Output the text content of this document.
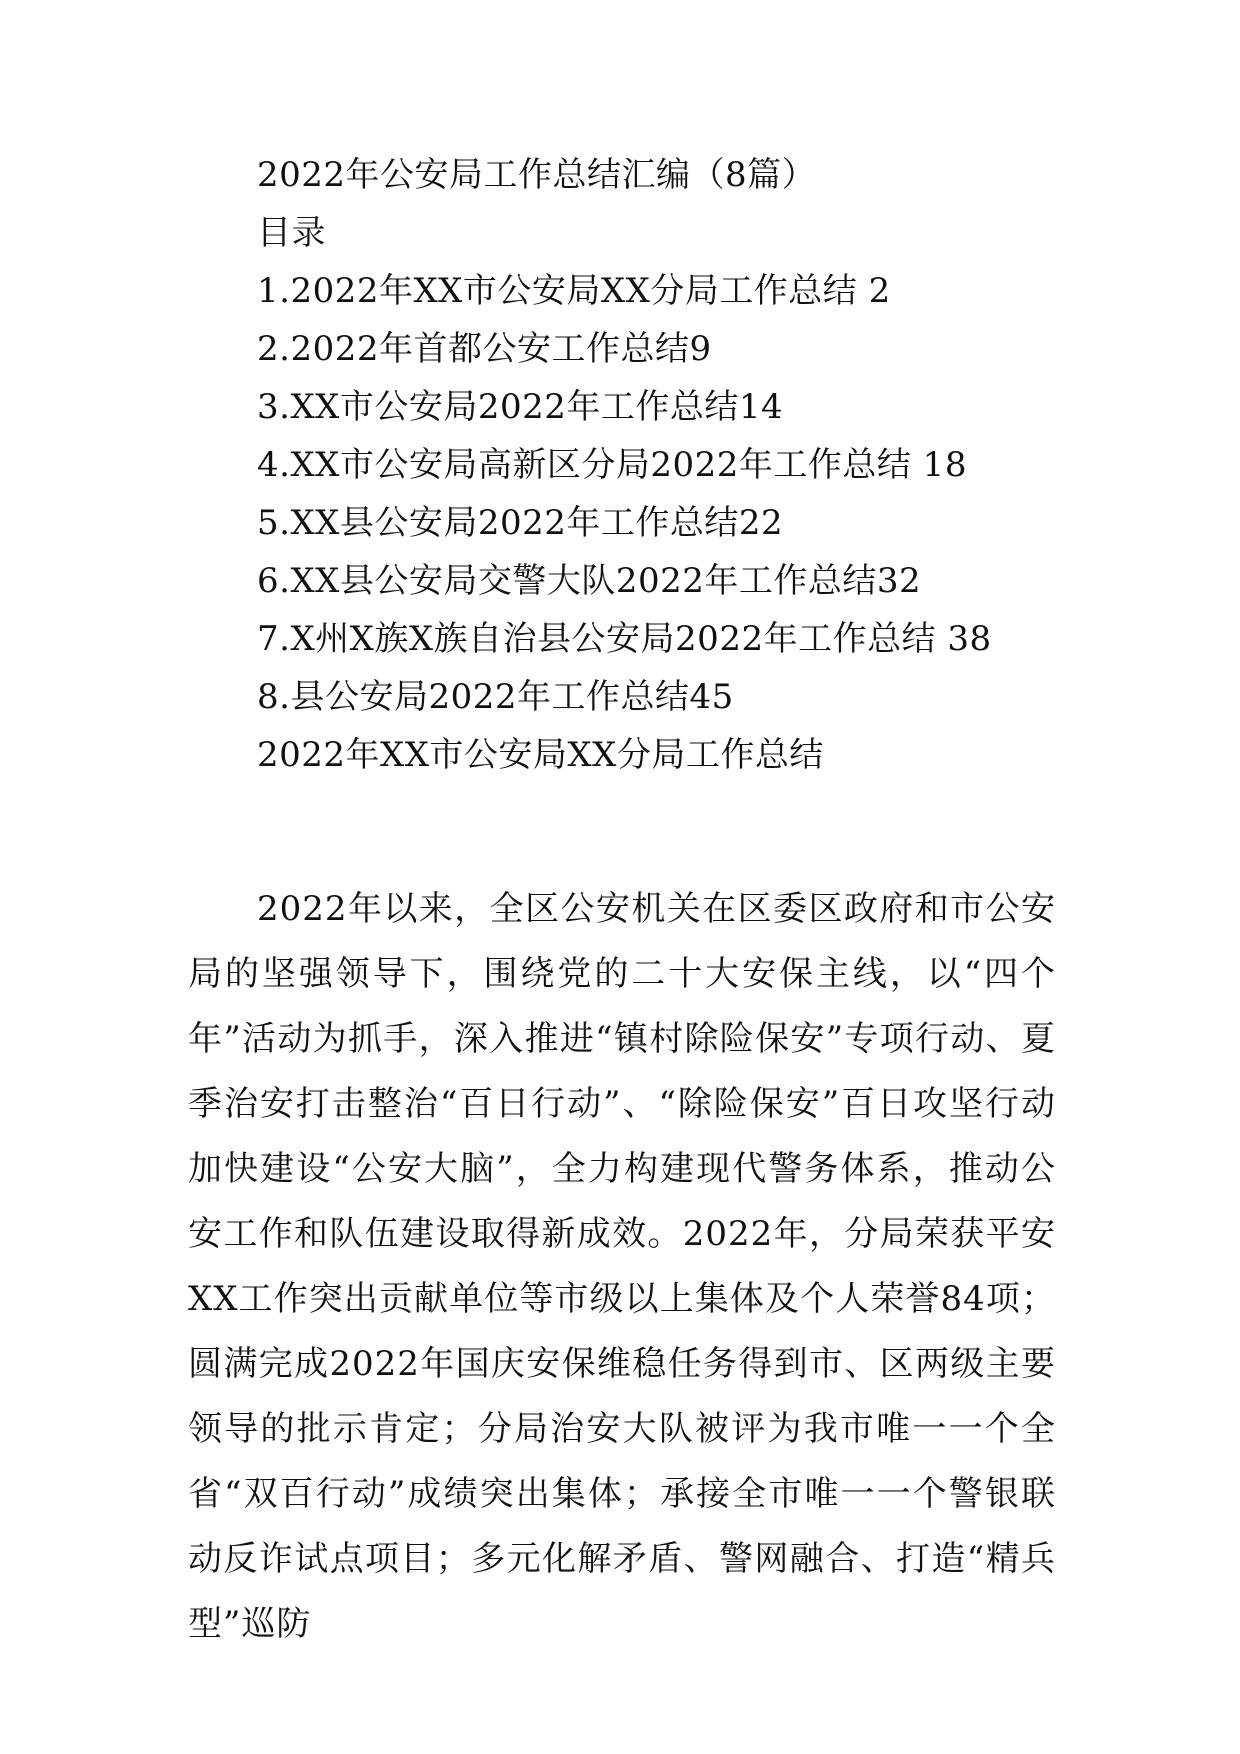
2022年公安局工作总结汇编（8篇）
目录
1.2022年XX市公安局XX分局工作总结 2
2.2022年首都公安工作总结9
3.XX市公安局2022年工作总结14
4.XX市公安局高新区分局2022年工作总结 18
5.XX县公安局2022年工作总结22
6.XX县公安局交警大队2022年工作总结32
7.X州X族X族自治县公安局2022年工作总结 38
8.县公安局2022年工作总结45
2022年XX市公安局XX分局工作总结
2022年以来，全区公安机关在区委区政府和市公安局的坚强领导下，围绕党的二十大安保主线，以“四个年”活动为抓手，深入推进“镇村除险保安”专项行动、夏季治安打击整治“百日行动”、“除险保安”百日攻坚行动加快建设“公安大脑”，全力构建现代警务体系，推动公安工作和队伍建设取得新成效。2022年，分局荣获平安XX工作突出贡献单位等市级以上集体及个人荣誉84项；圆满完成2022年国庆安保维稳任务得到市、区两级主要领导的批示肯定；分局治安大队被评为我市唯一一个全省“双百行动”成绩突出集体；承接全市唯一一个警银联动反诈试点项目；多元化解矛盾、警网融合、打造“精兵型”巡防
